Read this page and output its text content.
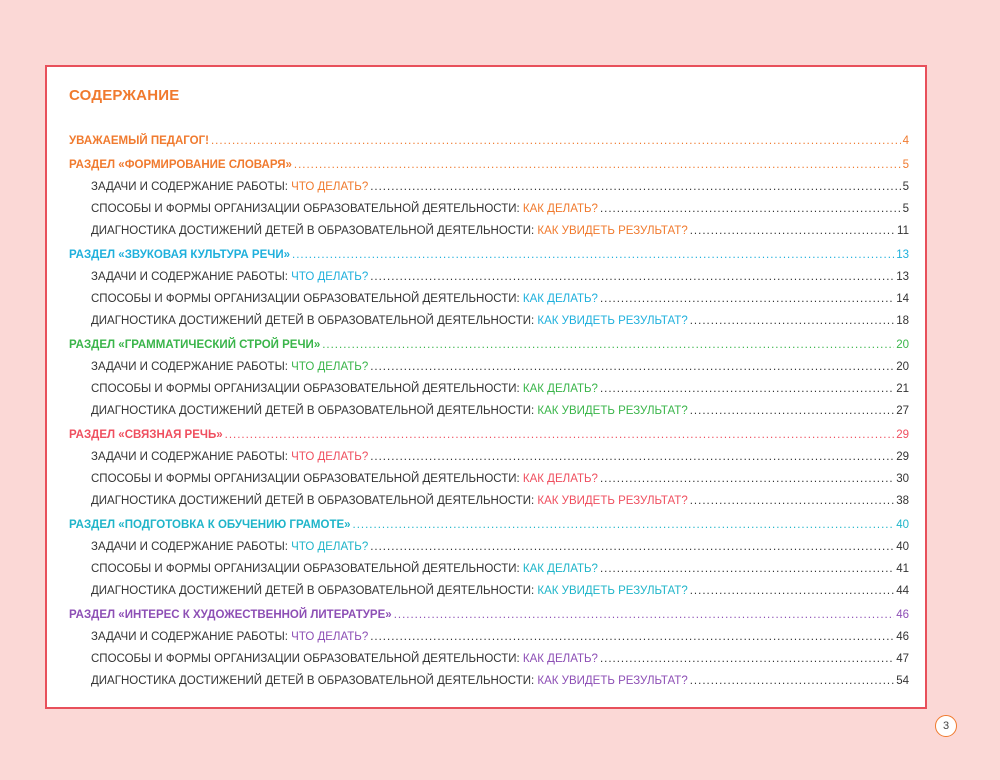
СОДЕРЖАНИЕ
УВАЖАЕМЫЙ ПЕДАГОГ! .....	4
РАЗДЕЛ «ФОРМИРОВАНИЕ СЛОВАРЯ» .....	5
ЗАДАЧИ И СОДЕРЖАНИЕ РАБОТЫ: ЧТО ДЕЛАТЬ? .....	5
СПОСОБЫ И ФОРМЫ ОРГАНИЗАЦИИ ОБРАЗОВАТЕЛЬНОЙ ДЕЯТЕЛЬНОСТИ: КАК ДЕЛАТЬ? .....	5
ДИАГНОСТИКА ДОСТИЖЕНИЙ ДЕТЕЙ В ОБРАЗОВАТЕЛЬНОЙ ДЕЯТЕЛЬНОСТИ: КАК УВИДЕТЬ РЕЗУЛЬТАТ? .....	11
РАЗДЕЛ «ЗВУКОВАЯ КУЛЬТУРА РЕЧИ» .....	13
ЗАДАЧИ И СОДЕРЖАНИЕ РАБОТЫ: ЧТО ДЕЛАТЬ? .....	13
СПОСОБЫ И ФОРМЫ ОРГАНИЗАЦИИ ОБРАЗОВАТЕЛЬНОЙ ДЕЯТЕЛЬНОСТИ: КАК ДЕЛАТЬ? .....	14
ДИАГНОСТИКА ДОСТИЖЕНИЙ ДЕТЕЙ В ОБРАЗОВАТЕЛЬНОЙ ДЕЯТЕЛЬНОСТИ: КАК УВИДЕТЬ РЕЗУЛЬТАТ? .....	18
РАЗДЕЛ «ГРАММАТИЧЕСКИЙ СТРОЙ РЕЧИ» .....	20
ЗАДАЧИ И СОДЕРЖАНИЕ РАБОТЫ: ЧТО ДЕЛАТЬ? .....	20
СПОСОБЫ И ФОРМЫ ОРГАНИЗАЦИИ ОБРАЗОВАТЕЛЬНОЙ ДЕЯТЕЛЬНОСТИ: КАК ДЕЛАТЬ? .....	21
ДИАГНОСТИКА ДОСТИЖЕНИЙ ДЕТЕЙ В ОБРАЗОВАТЕЛЬНОЙ ДЕЯТЕЛЬНОСТИ: КАК УВИДЕТЬ РЕЗУЛЬТАТ? .....	27
РАЗДЕЛ «СВЯЗНАЯ РЕЧЬ» .....	29
ЗАДАЧИ И СОДЕРЖАНИЕ РАБОТЫ: ЧТО ДЕЛАТЬ? .....	29
СПОСОБЫ И ФОРМЫ ОРГАНИЗАЦИИ ОБРАЗОВАТЕЛЬНОЙ ДЕЯТЕЛЬНОСТИ: КАК ДЕЛАТЬ? .....	30
ДИАГНОСТИКА ДОСТИЖЕНИЙ ДЕТЕЙ В ОБРАЗОВАТЕЛЬНОЙ ДЕЯТЕЛЬНОСТИ: КАК УВИДЕТЬ РЕЗУЛЬТАТ? .....	38
РАЗДЕЛ «ПОДГОТОВКА К ОБУЧЕНИЮ ГРАМОТЕ» .....	40
ЗАДАЧИ И СОДЕРЖАНИЕ РАБОТЫ: ЧТО ДЕЛАТЬ? .....	40
СПОСОБЫ И ФОРМЫ ОРГАНИЗАЦИИ ОБРАЗОВАТЕЛЬНОЙ ДЕЯТЕЛЬНОСТИ: КАК ДЕЛАТЬ? .....	41
ДИАГНОСТИКА ДОСТИЖЕНИЙ ДЕТЕЙ В ОБРАЗОВАТЕЛЬНОЙ ДЕЯТЕЛЬНОСТИ: КАК УВИДЕТЬ РЕЗУЛЬТАТ? .....	44
РАЗДЕЛ «ИНТЕРЕС К ХУДОЖЕСТВЕННОЙ ЛИТЕРАТУРЕ» .....	46
ЗАДАЧИ И СОДЕРЖАНИЕ РАБОТЫ: ЧТО ДЕЛАТЬ? .....	46
СПОСОБЫ И ФОРМЫ ОРГАНИЗАЦИИ ОБРАЗОВАТЕЛЬНОЙ ДЕЯТЕЛЬНОСТИ: КАК ДЕЛАТЬ? .....	47
ДИАГНОСТИКА ДОСТИЖЕНИЙ ДЕТЕЙ В ОБРАЗОВАТЕЛЬНОЙ ДЕЯТЕЛЬНОСТИ: КАК УВИДЕТЬ РЕЗУЛЬТАТ? .....	54
3
